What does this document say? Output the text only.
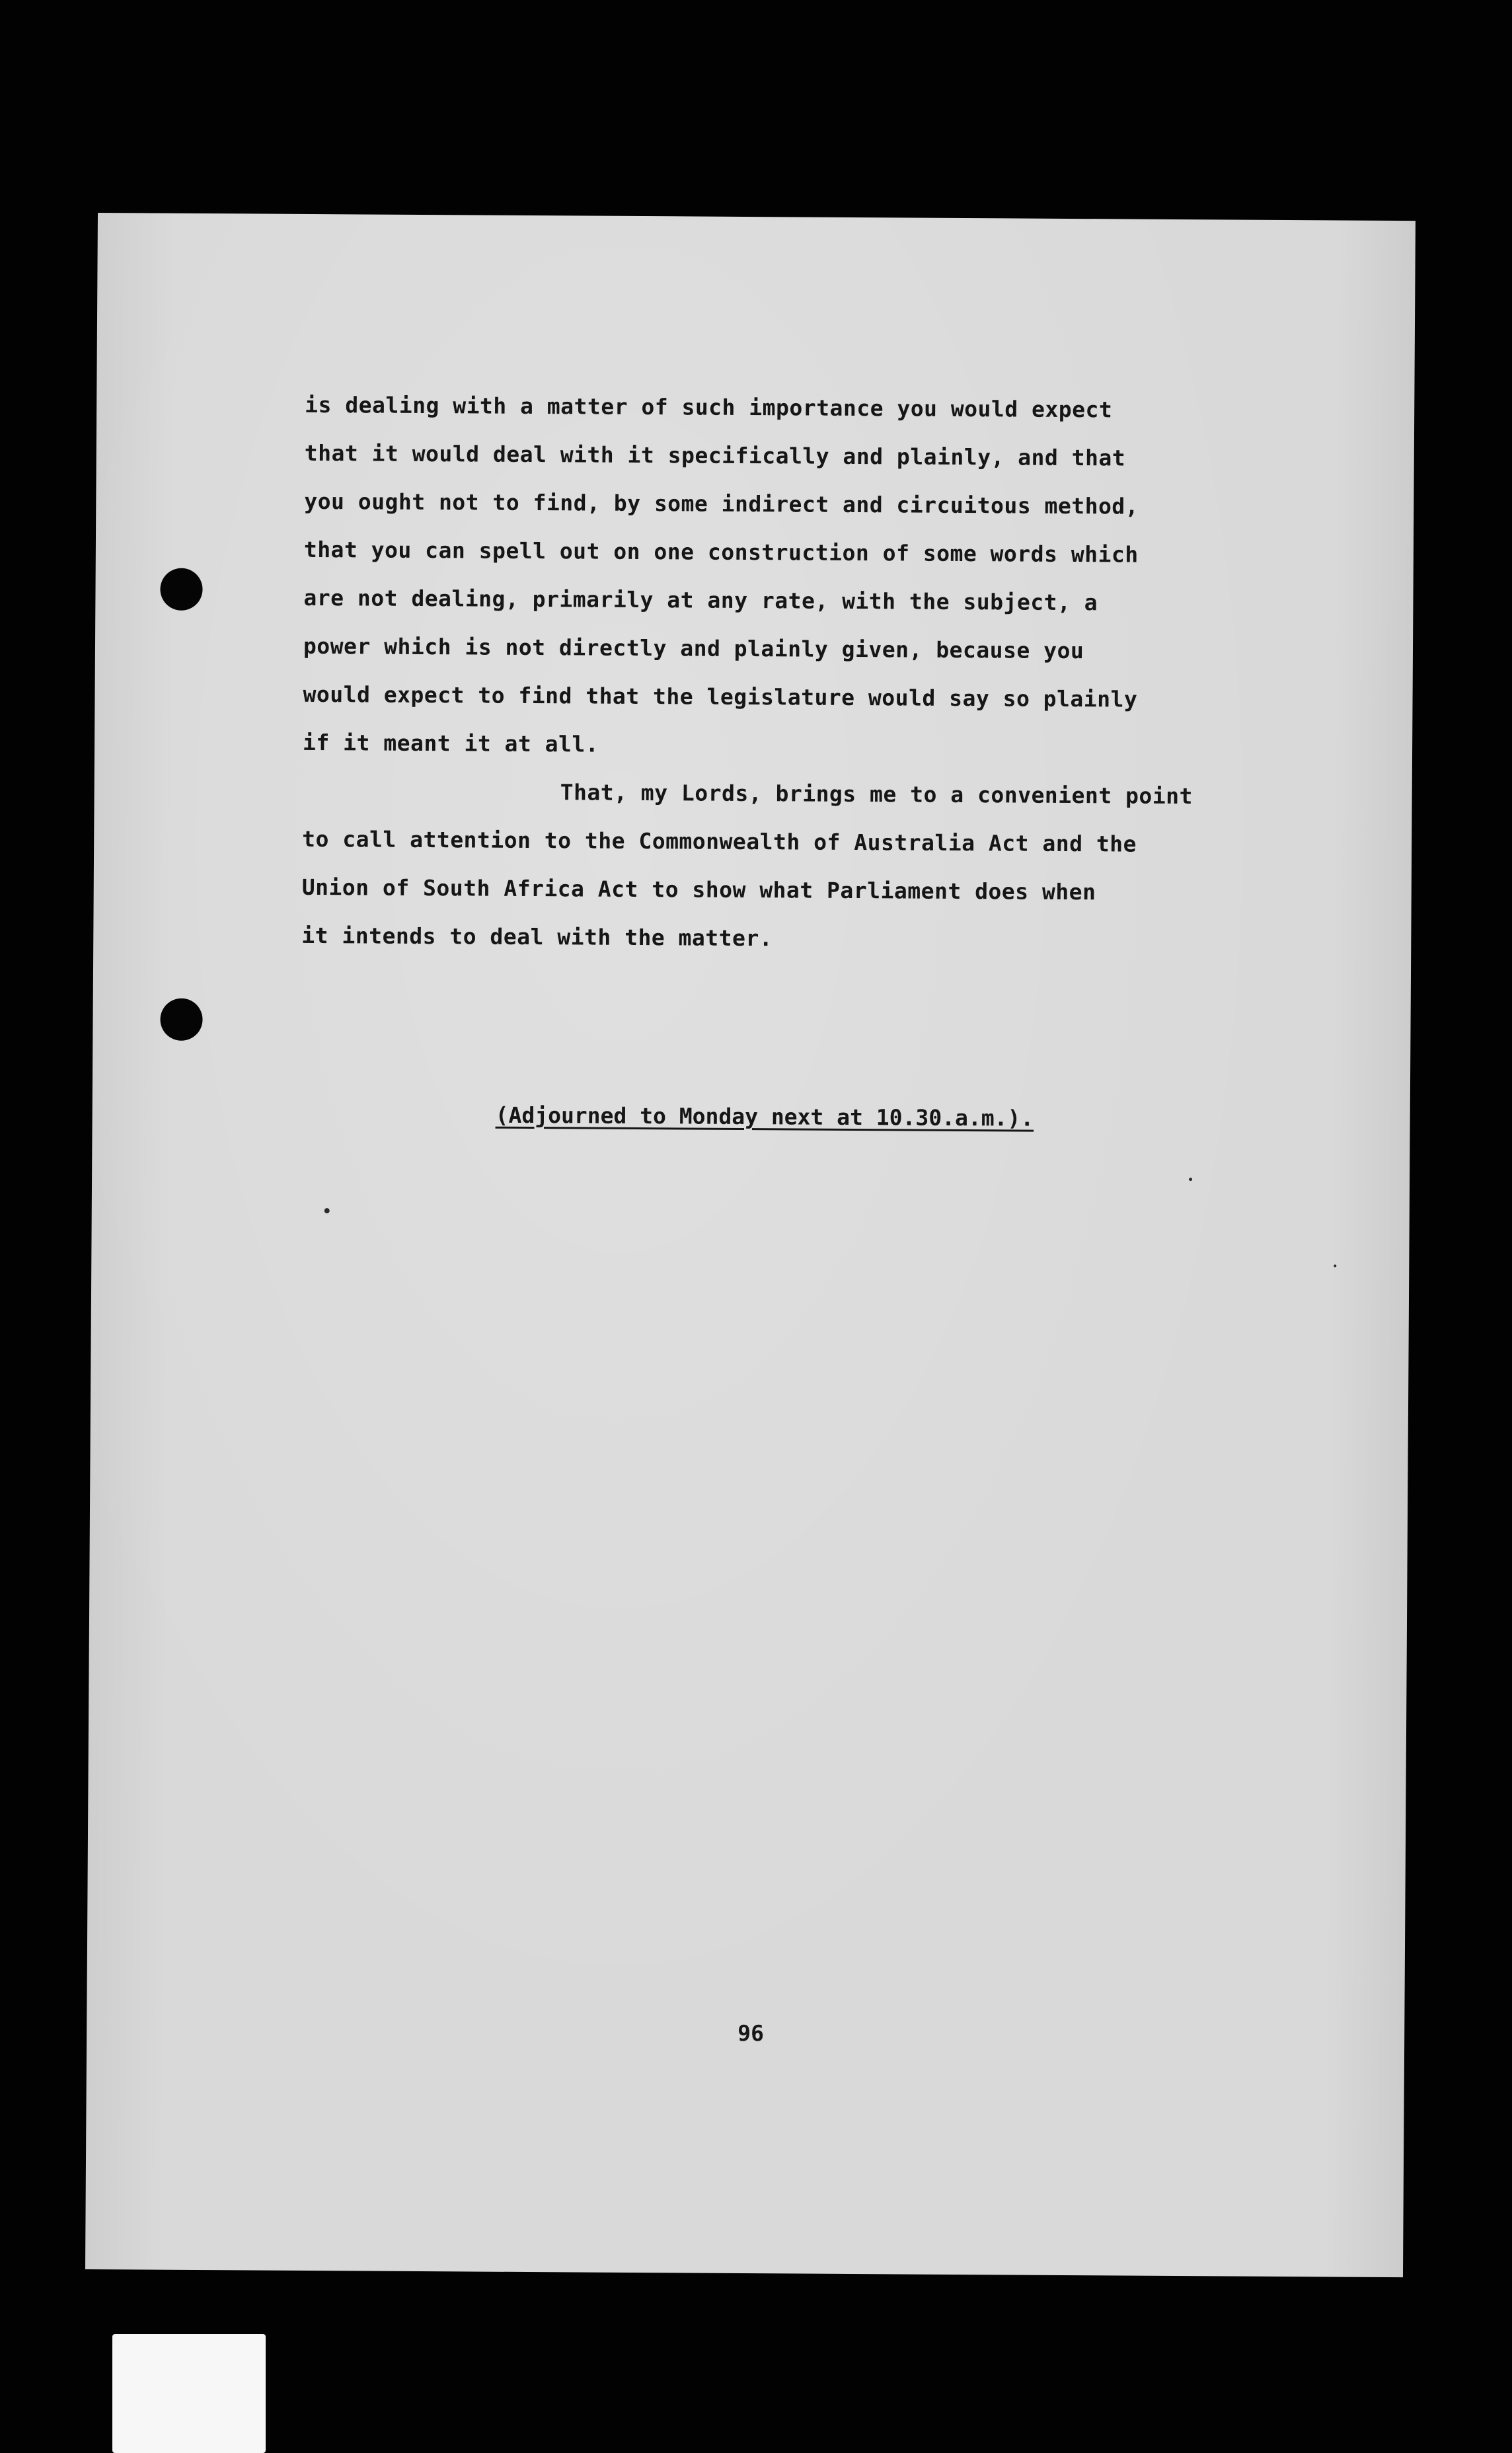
is dealing with a matter of such importance you would expect
that it would deal with it specifically and plainly, and that
you ought not to find, by some indirect and circuitous method,
that you can spell out on one construction of some words which
are not dealing, primarily at any rate, with the subject, a
power which is not directly and plainly given, because you
would expect to find that the legislature would say so plainly
if it meant it at all.
That, my Lords, brings me to a convenient point
to call attention to the Commonwealth of Australia Act and the
Union of South Africa Act to show what Parliament does when
it intends to deal with the matter.
(Adjourned to Monday next at 10.30.a.m.).
96
